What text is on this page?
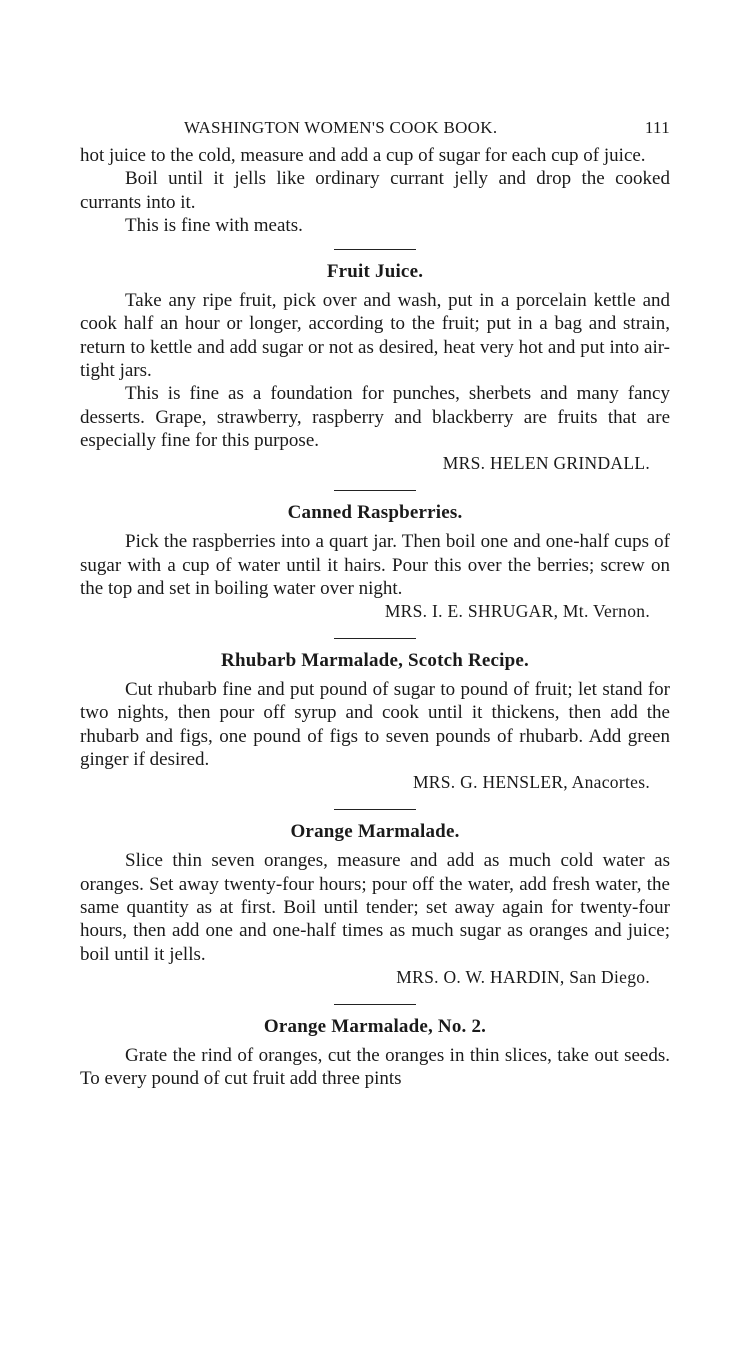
WASHINGTON WOMEN'S COOK BOOK.	111

hot juice to the cold, measure and add a cup of sugar for each cup of juice.

Boil until it jells like ordinary currant jelly and drop the cooked currants into it.

This is fine with meats.

Fruit Juice.

Take any ripe fruit, pick over and wash, put in a porcelain kettle and cook half an hour or longer, according to the fruit; put in a bag and strain, return to kettle and add sugar or not as desired, heat very hot and put into air-tight jars.

This is fine as a foundation for punches, sherbets and many fancy desserts. Grape, strawberry, raspberry and blackberry are fruits that are especially fine for this purpose.

MRS. HELEN GRINDALL.
Canned Raspberries.

Pick the raspberries into a quart jar. Then boil one and one-half cups of sugar with a cup of water until it hairs. Pour this over the berries; screw on the top and set in boiling water over night.

MRS. I. E. SHRUGAR, Mt. Vernon.
Rhubarb Marmalade, Scotch Recipe.

Cut rhubarb fine and put pound of sugar to pound of fruit; let stand for two nights, then pour off syrup and cook until it thickens, then add the rhubarb and figs, one pound of figs to seven pounds of rhubarb. Add green ginger if desired.

MRS. G. HENSLER, Anacortes.
Orange Marmalade.

Slice thin seven oranges, measure and add as much cold water as oranges. Set away twenty-four hours; pour off the water, add fresh water, the same quantity as at first. Boil until tender; set away again for twenty-four hours, then add one and one-half times as much sugar as oranges and juice; boil until it jells.

MRS. O. W. HARDIN, San Diego.
Orange Marmalade, No. 2.

Grate the rind of oranges, cut the oranges in thin slices, take out seeds. To every pound of cut fruit add three pints
